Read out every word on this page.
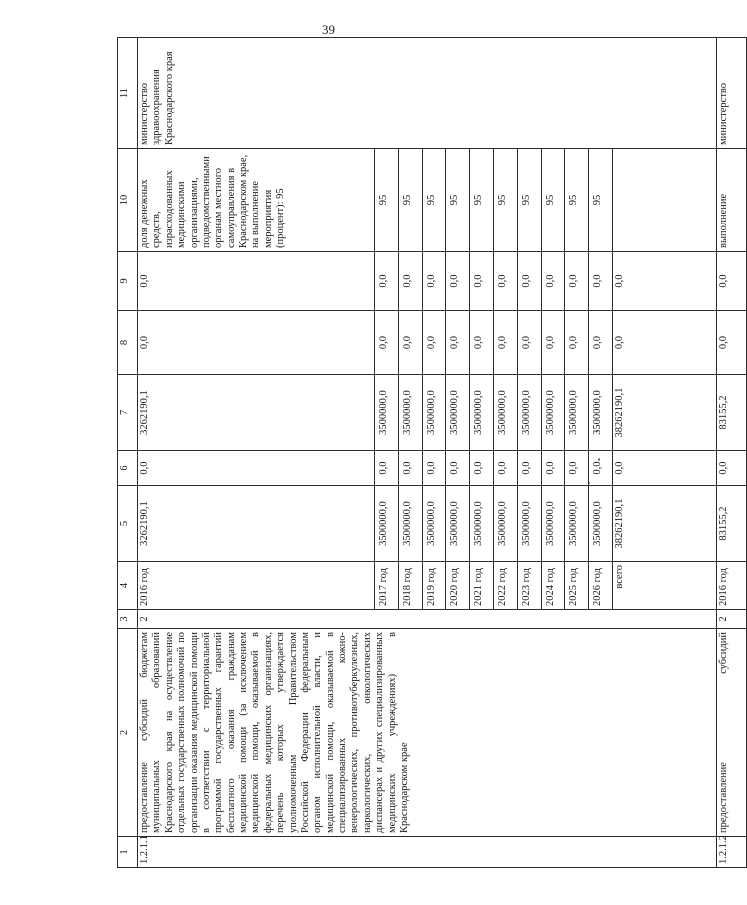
39
1	2	3	4	5	6	7	8	9	10	11
1.2.1.1	предоставление субсидий бюджетам муниципальных образований Краснодарского края на осуществление отдельных государственных полномочий по организации оказания медицинской помощи в соответствии с территориальной программой государственных гарантий бесплатного оказания гражданам медицинской помощи (за исключением медицинской помощи, оказываемой в федеральных медицинских организациях, перечень которых утверждается уполномоченным Правительством Российской Федерации федеральным органом исполнительной власти, и медицинской помощи, оказываемой в специализированных кожно-венерологических, противотуберкулезных, наркологических, онкологических диспансерах и других специализированных медицинских учреждениях) в Краснодарском крае	2	2016 год	3262190,1	0,0	3262190,1	0,0	0,0	доля денежных средств, израсходованных медицинскими организациями, подведомственными органам местного самоуправления в Краснодарском крае, на выполнение мероприятия (процент): 95	министерство здравоохранения Краснодарского края
			2017 год	3500000,0	0,0	3500000,0	0,0	0,0	95	
			2018 год	3500000,0	0,0	3500000,0	0,0	0,0	95	
			2019 год	3500000,0	0,0	3500000,0	0,0	0,0	95	
			2020 год	3500000,0	0,0	3500000,0	0,0	0,0	95	
			2021 год	3500000,0	0,0	3500000,0	0,0	0,0	95	
			2022 год	3500000,0	0,0	3500000,0	0,0	0,0	95	
			2023 год	3500000,0	0,0	3500000,0	0,0	0,0	95	
			2024 год	3500000,0	0,0	3500000,0	0,0	0,0	95	
			2025 год	3500000,0	0,0	3500000,0	0,0	0,0	95	
			2026 год	3500000,0	0,0	3500000,0	0,0	0,0	95	
			всего	38262190,1	0,0	38262190,1	0,0	0,0		
1.2.1.2	предоставление субсидий	2	2016 год	83155,2	0,0	83155,2	0,0	0,0	выполнение	министерство
